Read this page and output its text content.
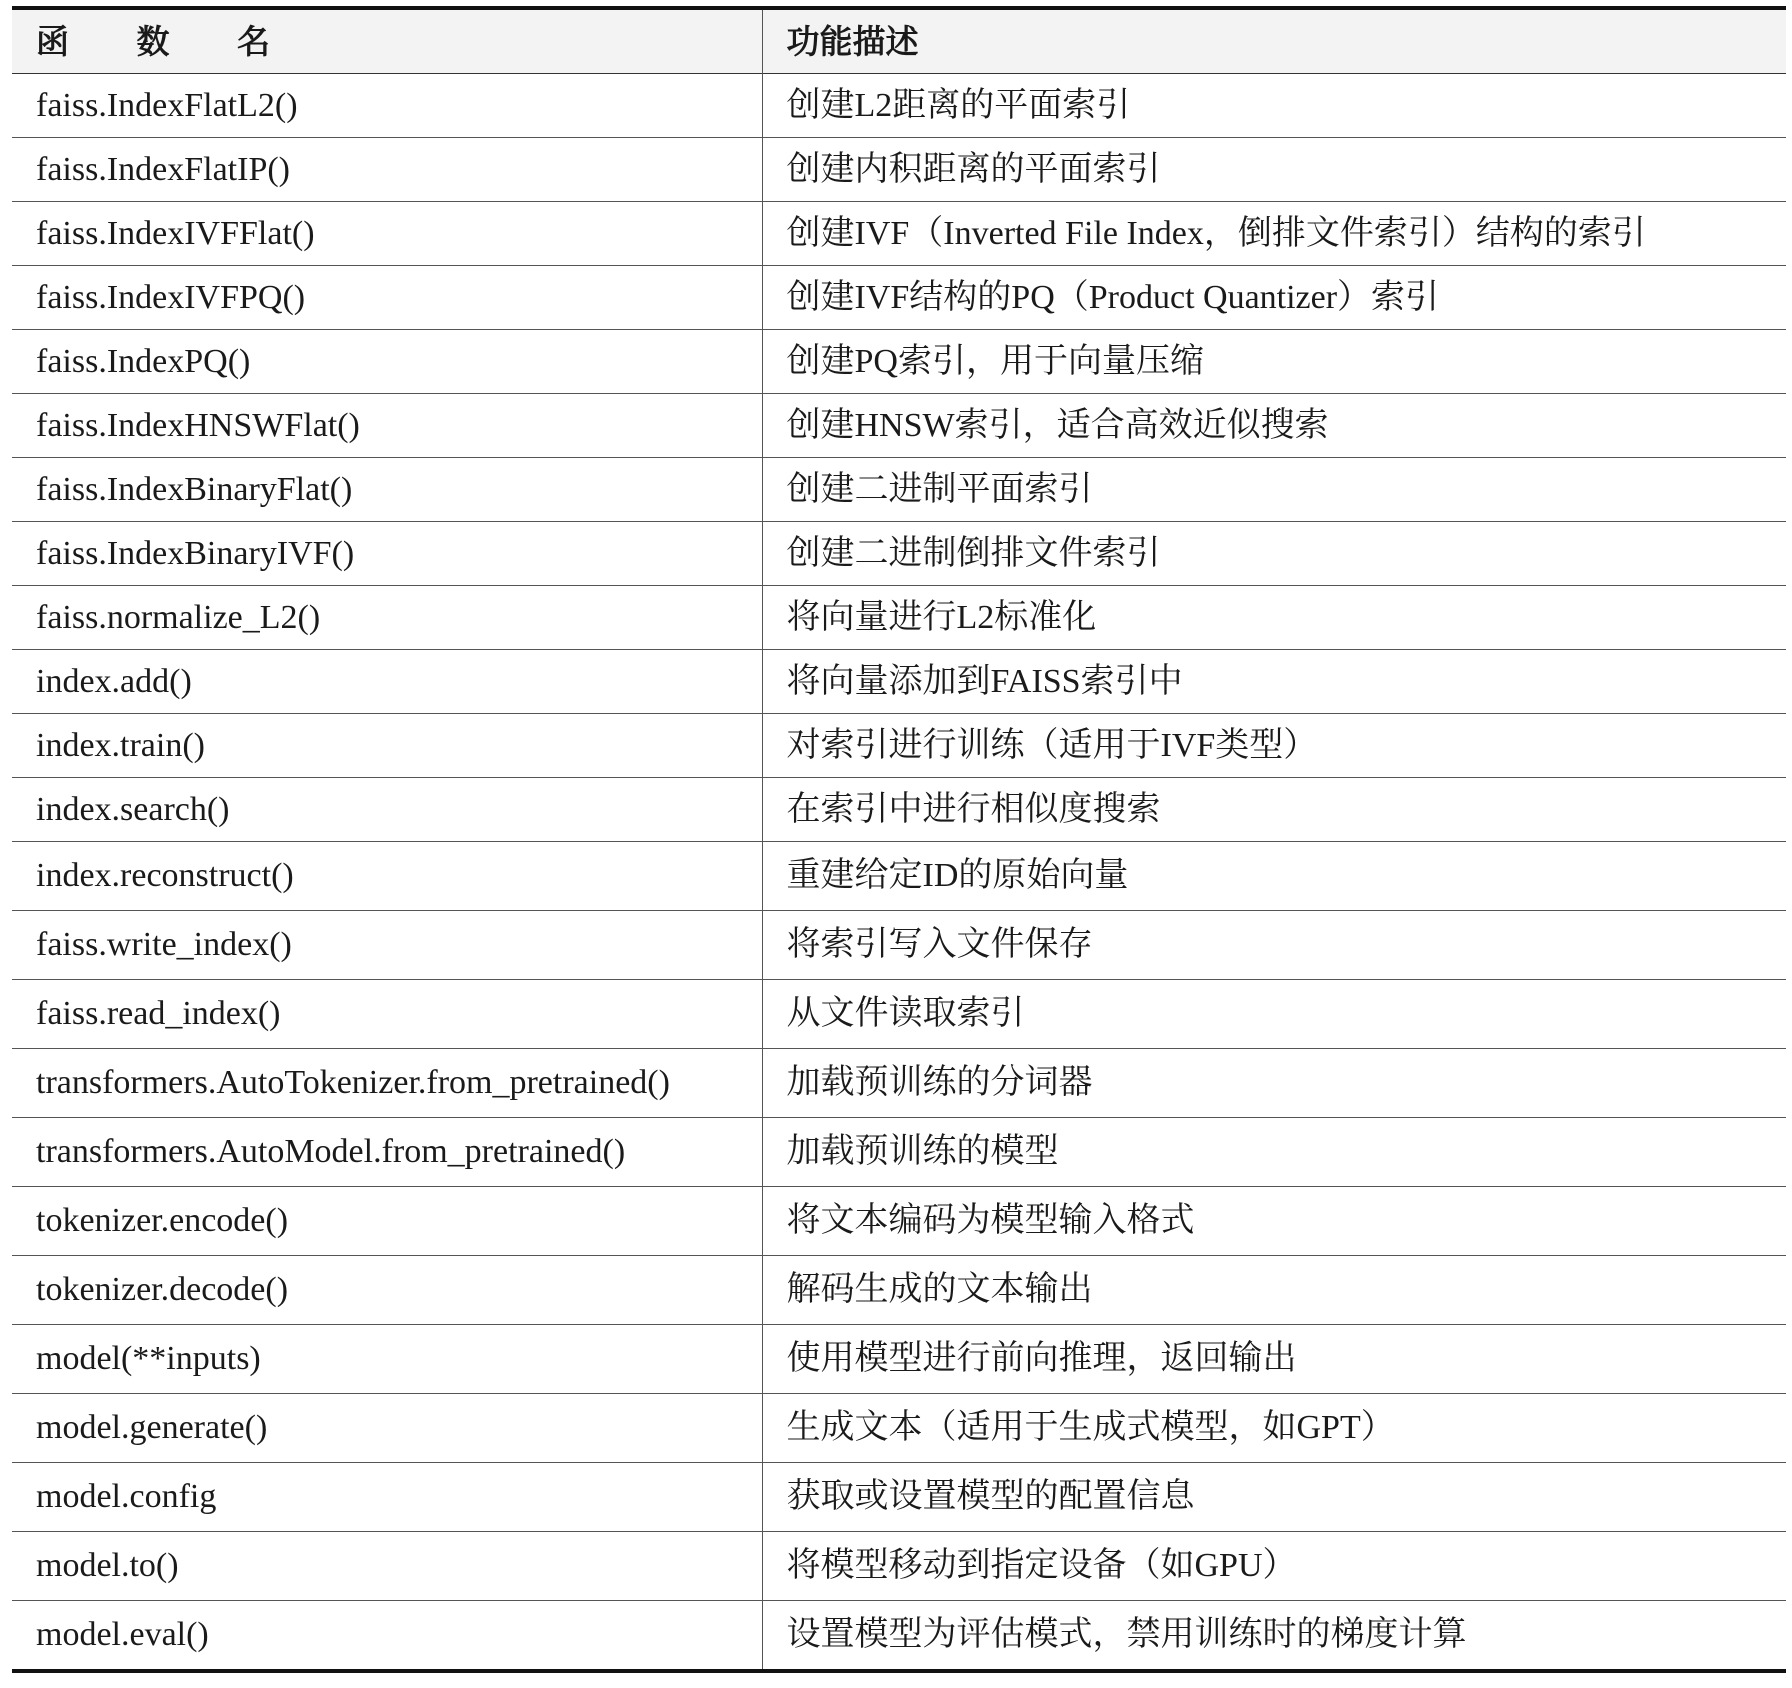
函 数 名	功能描述
faiss.IndexFlatL2()	创建L2距离的平面索引
faiss.IndexFlatIP()	创建内积距离的平面索引
faiss.IndexIVFFlat()	创建IVF（Inverted File Index，倒排文件索引）结构的索引
faiss.IndexIVFPQ()	创建IVF结构的PQ（Product Quantizer）索引
faiss.IndexPQ()	创建PQ索引，用于向量压缩
faiss.IndexHNSWFlat()	创建HNSW索引，适合高效近似搜索
faiss.IndexBinaryFlat()	创建二进制平面索引
faiss.IndexBinaryIVF()	创建二进制倒排文件索引
faiss.normalize_L2()	将向量进行L2标准化
index.add()	将向量添加到FAISS索引中
index.train()	对索引进行训练（适用于IVF类型）
index.search()	在索引中进行相似度搜索
index.reconstruct()	重建给定ID的原始向量
faiss.write_index()	将索引写入文件保存
faiss.read_index()	从文件读取索引
transformers.AutoTokenizer.from_pretrained()	加载预训练的分词器
transformers.AutoModel.from_pretrained()	加载预训练的模型
tokenizer.encode()	将文本编码为模型输入格式
tokenizer.decode()	解码生成的文本输出
model(**inputs)	使用模型进行前向推理，返回输出
model.generate()	生成文本（适用于生成式模型，如GPT）
model.config	获取或设置模型的配置信息
model.to()	将模型移动到指定设备（如GPU）
model.eval()	设置模型为评估模式，禁用训练时的梯度计算
